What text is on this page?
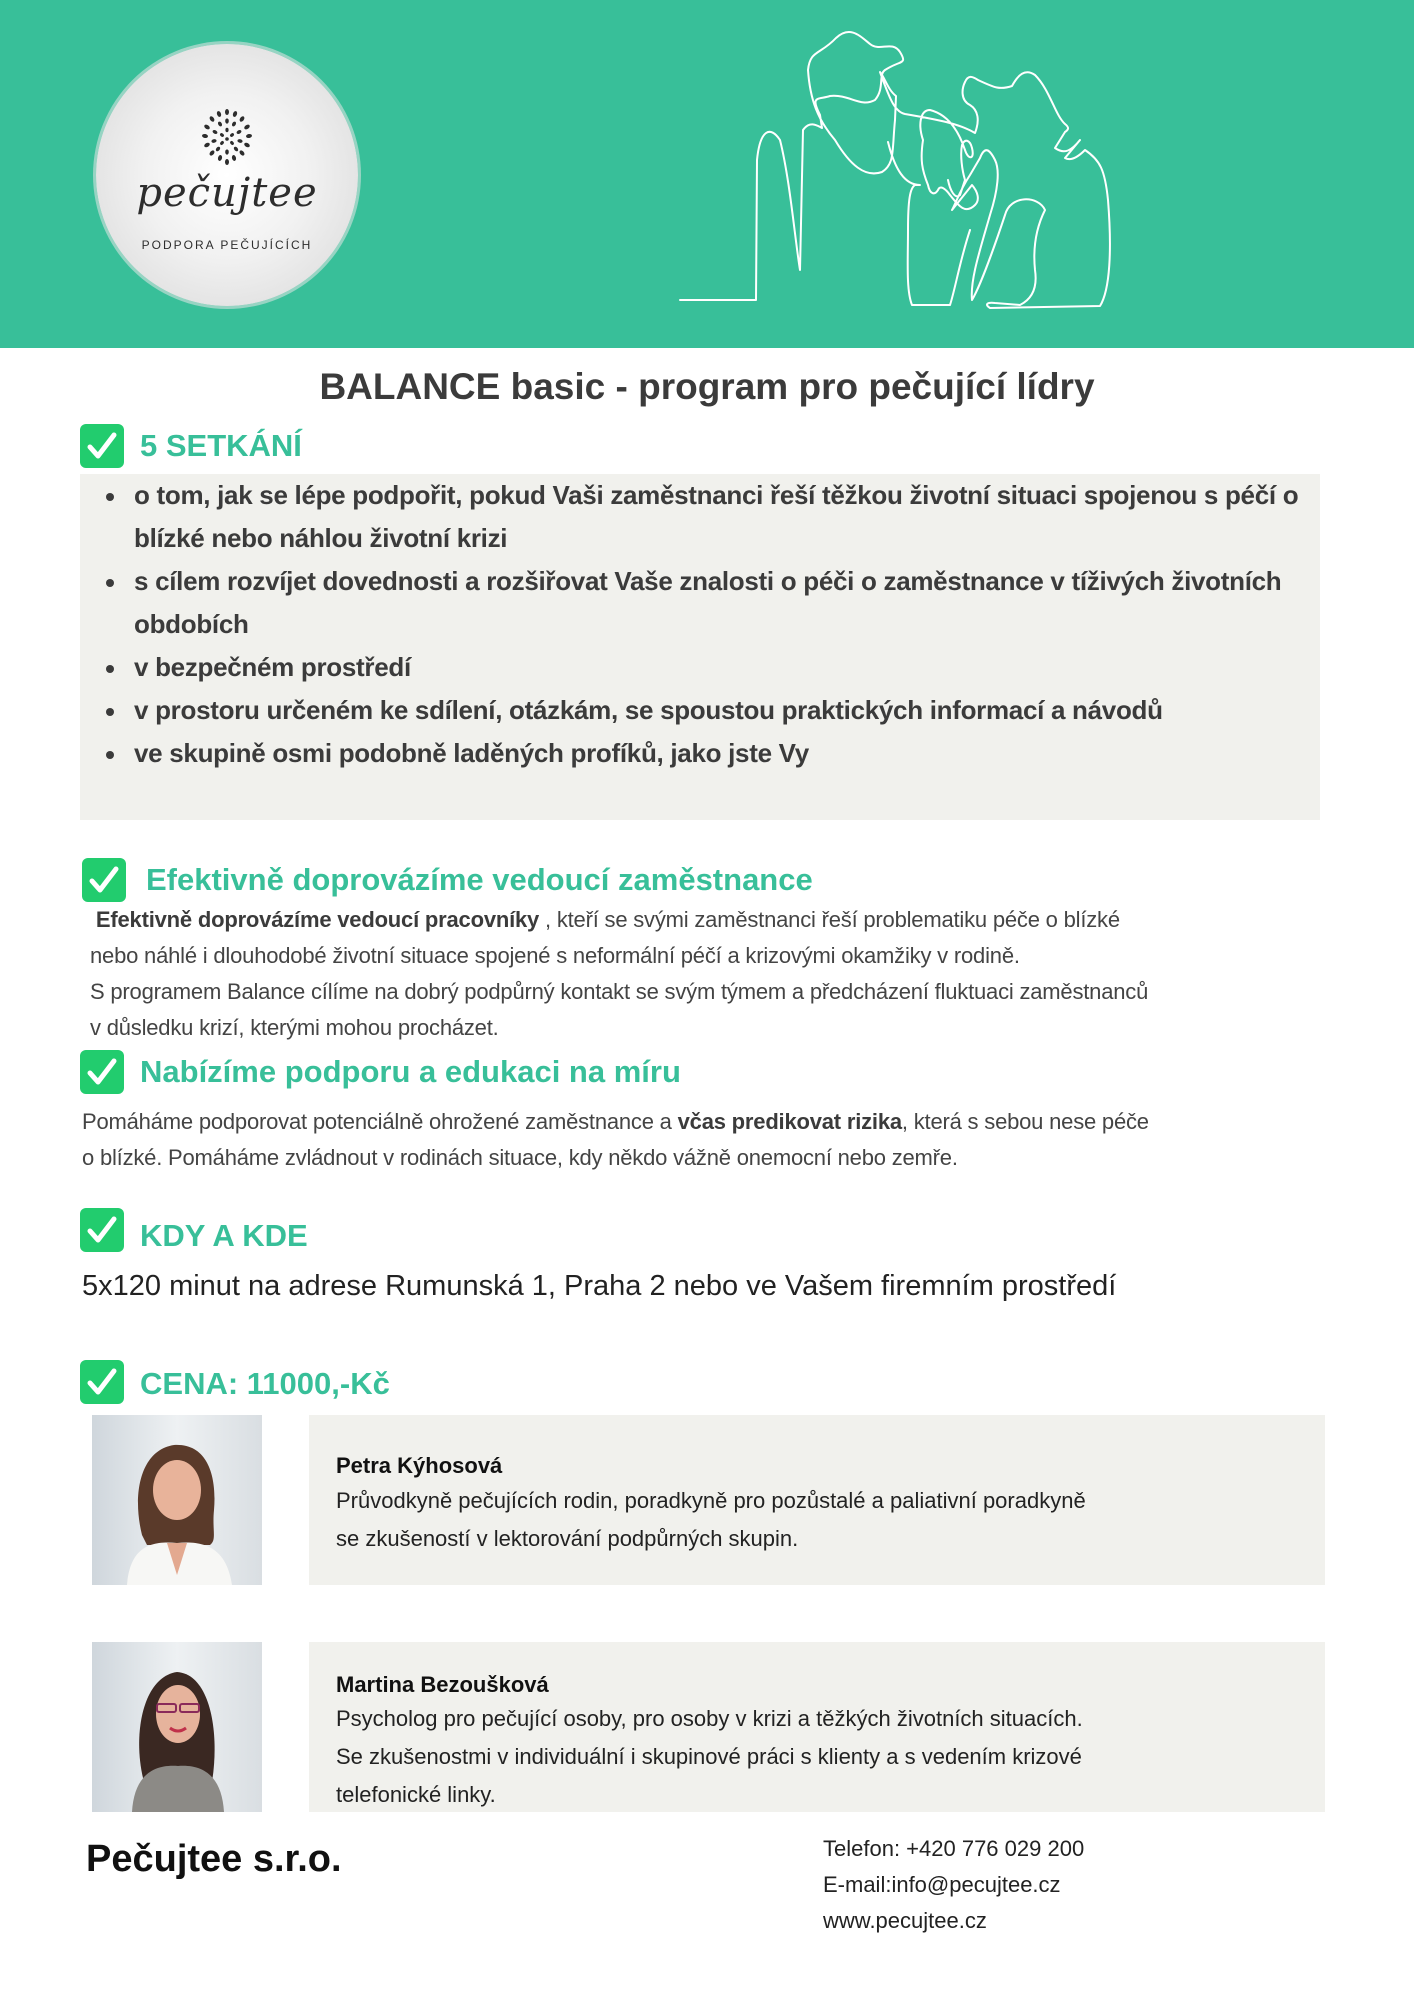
pečujtee
PODPORA PEČUJÍCÍCH
BALANCE basic - program pro pečující lídry
5 SETKÁNÍ
o tom, jak se lépe podpořit, pokud Vaši zaměstnanci řeší těžkou životní situaci spojenou s péčí o blízké nebo náhlou životní krizi
s cílem rozvíjet dovednosti a rozšiřovat Vaše znalosti o péči o zaměstnance v tíživých životních obdobích
v bezpečném prostředí
v prostoru určeném ke sdílení, otázkám, se spoustou praktických informací a návodů
ve skupině osmi podobně laděných profíků, jako jste Vy
Efektivně doprovázíme vedoucí zaměstnance
Efektivně doprovázíme vedoucí pracovníky , kteří se svými zaměstnanci řeší problematiku péče o blízké
nebo náhlé i dlouhodobé životní situace spojené s neformální péčí a krizovými okamžiky v rodině.
S programem Balance cílíme na dobrý podpůrný kontakt se svým týmem a předcházení fluktuaci zaměstnanců
v důsledku krizí, kterými mohou procházet.
Nabízíme podporu a edukaci na míru
Pomáháme podporovat potenciálně ohrožené zaměstnance a včas predikovat rizika, která s sebou nese péče
o blízké. Pomáháme zvládnout v rodinách situace, kdy někdo vážně onemocní nebo zemře.
KDY A KDE
5x120 minut na adrese Rumunská 1, Praha 2 nebo ve Vašem firemním prostředí
CENA: 11000,-Kč
Petra Kýhosová
Průvodkyně pečujících rodin, poradkyně pro pozůstalé a paliativní poradkyně
se zkušeností v lektorování podpůrných skupin.
Martina Bezoušková
Psycholog pro pečující osoby, pro osoby v krizi a těžkých životních situacích.
Se zkušenostmi v individuální i skupinové práci s klienty a s vedením krizové
telefonické linky.
Pečujtee s.r.o.	Telefon: +420 776 029 200
E-mail:info@pecujtee.cz
www.pecujtee.cz
